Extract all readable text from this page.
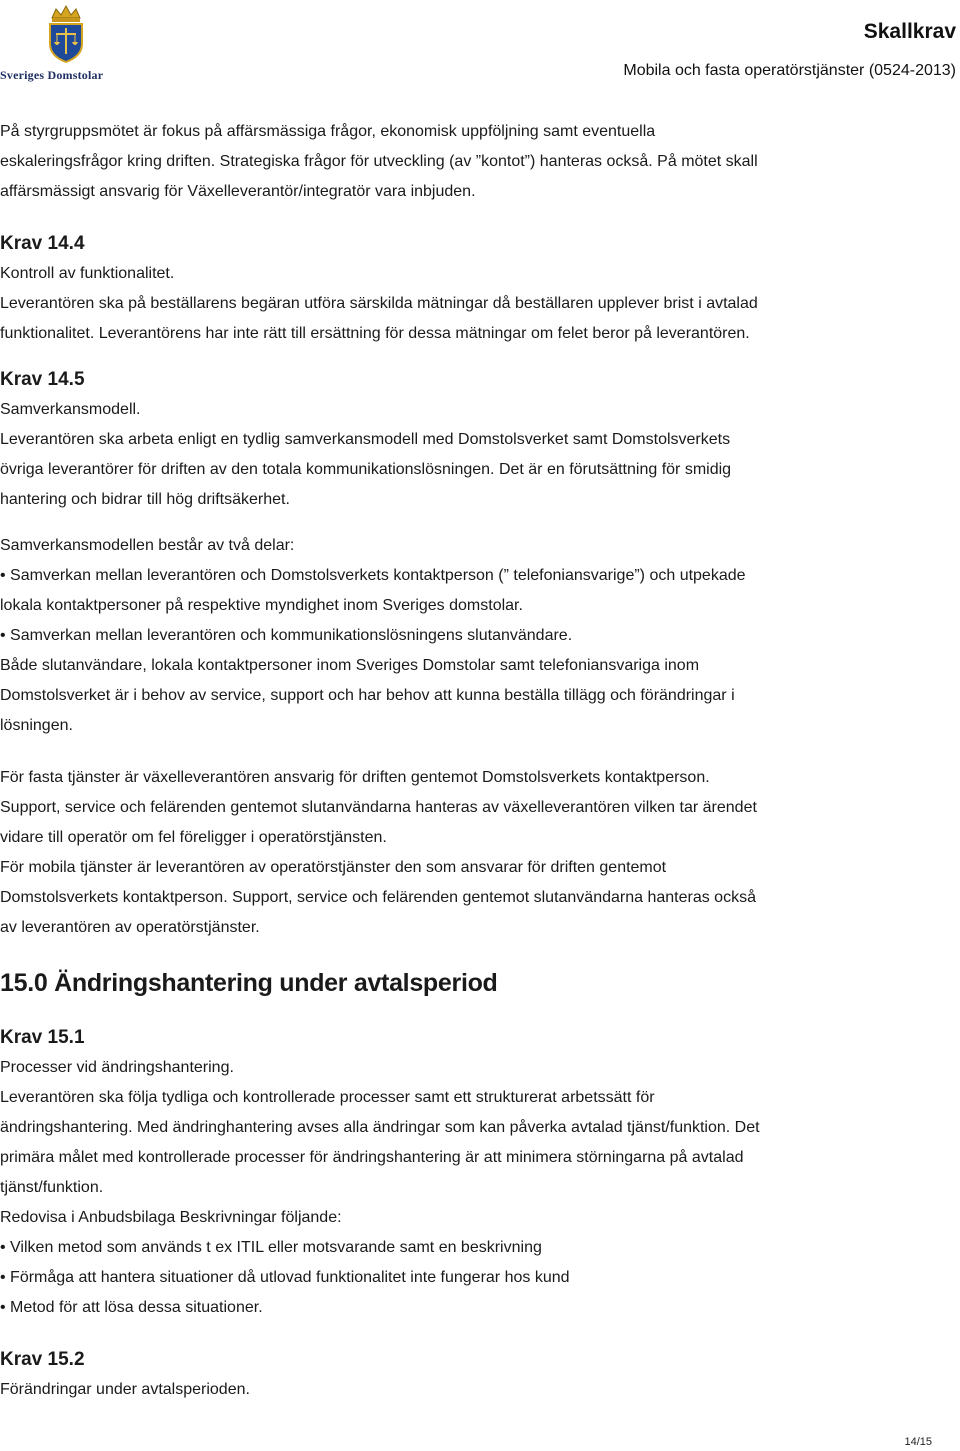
Sveriges Domstolar
Skallkrav
Mobila och fasta operatörstjänster (0524-2013)

På styrgruppsmötet är fokus på affärsmässiga frågor, ekonomisk uppföljning samt eventuella

eskaleringsfrågor kring driften. Strategiska frågor för utveckling (av ”kontot”) hanteras också. På mötet skall

affärsmässigt ansvarig för Växelleverantör/integratör vara inbjuden.

Krav 14.4

Kontroll av funktionalitet.

Leverantören ska på beställarens begäran utföra särskilda mätningar då beställaren upplever brist i avtalad

funktionalitet. Leverantörens har inte rätt till ersättning för dessa mätningar om felet beror på leverantören.

Krav 14.5

Samverkansmodell.

Leverantören ska arbeta enligt en tydlig samverkansmodell med Domstolsverket samt Domstolsverkets

övriga leverantörer för driften av den totala kommunikationslösningen. Det är en förutsättning för smidig

hantering och bidrar till hög driftsäkerhet.

Samverkansmodellen består av två delar:

• Samverkan mellan leverantören och Domstolsverkets kontaktperson (” telefoniansvarige”) och utpekade

lokala kontaktpersoner på respektive myndighet inom Sveriges domstolar.

• Samverkan mellan leverantören och kommunikationslösningens slutanvändare.

Både slutanvändare, lokala kontaktpersoner inom Sveriges Domstolar samt telefoniansvariga inom

Domstolsverket är i behov av service, support och har behov att kunna beställa tillägg och förändringar i

lösningen.

För fasta tjänster är växelleverantören ansvarig för driften gentemot Domstolsverkets kontaktperson.

Support, service och felärenden gentemot slutanvändarna hanteras av växelleverantören vilken tar ärendet

vidare till operatör om fel föreligger i operatörstjänsten.

För mobila tjänster är leverantören av operatörstjänster den som ansvarar för driften gentemot

Domstolsverkets kontaktperson. Support, service och felärenden gentemot slutanvändarna hanteras också

av leverantören av operatörstjänster.

15.0 Ändringshantering under avtalsperiod
Krav 15.1

Processer vid ändringshantering.

Leverantören ska följa tydliga och kontrollerade processer samt ett strukturerat arbetssätt för

ändringshantering. Med ändringhantering avses alla ändringar som kan påverka avtalad tjänst/funktion. Det

primära målet med kontrollerade processer för ändringshantering är att minimera störningarna på avtalad

tjänst/funktion.

Redovisa i Anbudsbilaga Beskrivningar följande:

• Vilken metod som används t ex ITIL eller motsvarande samt en beskrivning

• Förmåga att hantera situationer då utlovad funktionalitet inte fungerar hos kund

• Metod för att lösa dessa situationer.

Krav 15.2

Förändringar under avtalsperioden.

14/15
